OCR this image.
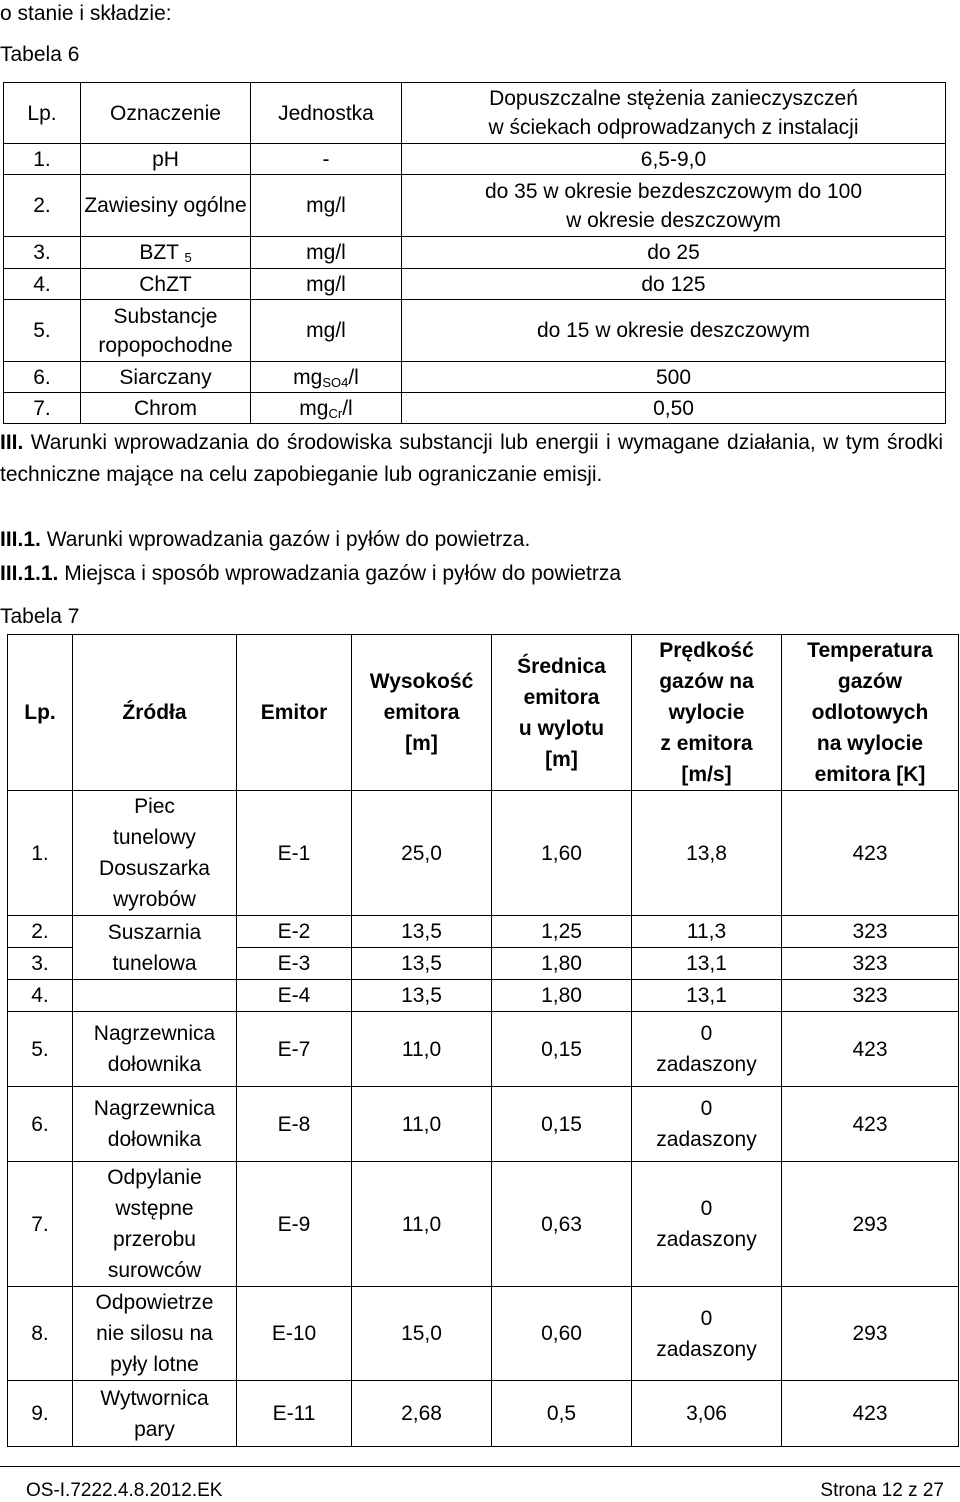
o stanie i składzie:
Tabela 6
Lp.	Oznaczenie	Jednostka	Dopuszczalne stężenia zanieczyszczeń
w ściekach odprowadzanych z instalacji
1.	pH	-	6,5-9,0
2.	Zawiesiny ogólne	mg/l	do 35 w okresie bezdeszczowym do 100
w okresie deszczowym
3.	BZT $_5$	mg/l	do 25
4.	ChZT	mg/l	do 125
5.	Substancje
ropopochodne	mg/l	do 15 w okresie deszczowym
6.	Siarczany	$mg_{SO4}/l$	500
7.	Chrom	$mg_{Cr}/l$	0,50
III. Warunki wprowadzania do środowiska substancji lub energii i wymagane działania, w tym środki techniczne mające na celu zapobieganie lub ograniczanie emisji.
III.1. Warunki wprowadzania gazów i pyłów do powietrza.
III.1.1. Miejsca i sposób wprowadzania gazów i pyłów do powietrza
Tabela 7
Lp.	Źródła	Emitor	Wysokość
emitora
[m]	Średnica
emitora
u wylotu
[m]	Prędkość
gazów na
wylocie
z emitora
[m/s]	Temperatura
gazów
odlotowych
na wylocie
emitora [K]
1.	Piec
tunelowy
Dosuszarka
wyrobów	E-1	25,0	1,60	13,8	423
2.	Suszarnia
tunelowa	E-2	13,5	1,25	11,3	323
3.		E-3	13,5	1,80	13,1	323
4.		E-4	13,5	1,80	13,1	323
5.	Nagrzewnica
dołownika	E-7	11,0	0,15	0
zadaszony	423
6.	Nagrzewnica
dołownika	E-8	11,0	0,15	0
zadaszony	423
7.	Odpylanie
wstępne
przerobu
surowców	E-9	11,0	0,63	0
zadaszony	293
8.	Odpowietrze
nie silosu na
pyły lotne	E-10	15,0	0,60	0
zadaszony	293
9.	Wytwornica
pary	E-11	2,68	0,5	3,06	423
OS-I.7222.4.8.2012.EK	Strona 12 z 27
